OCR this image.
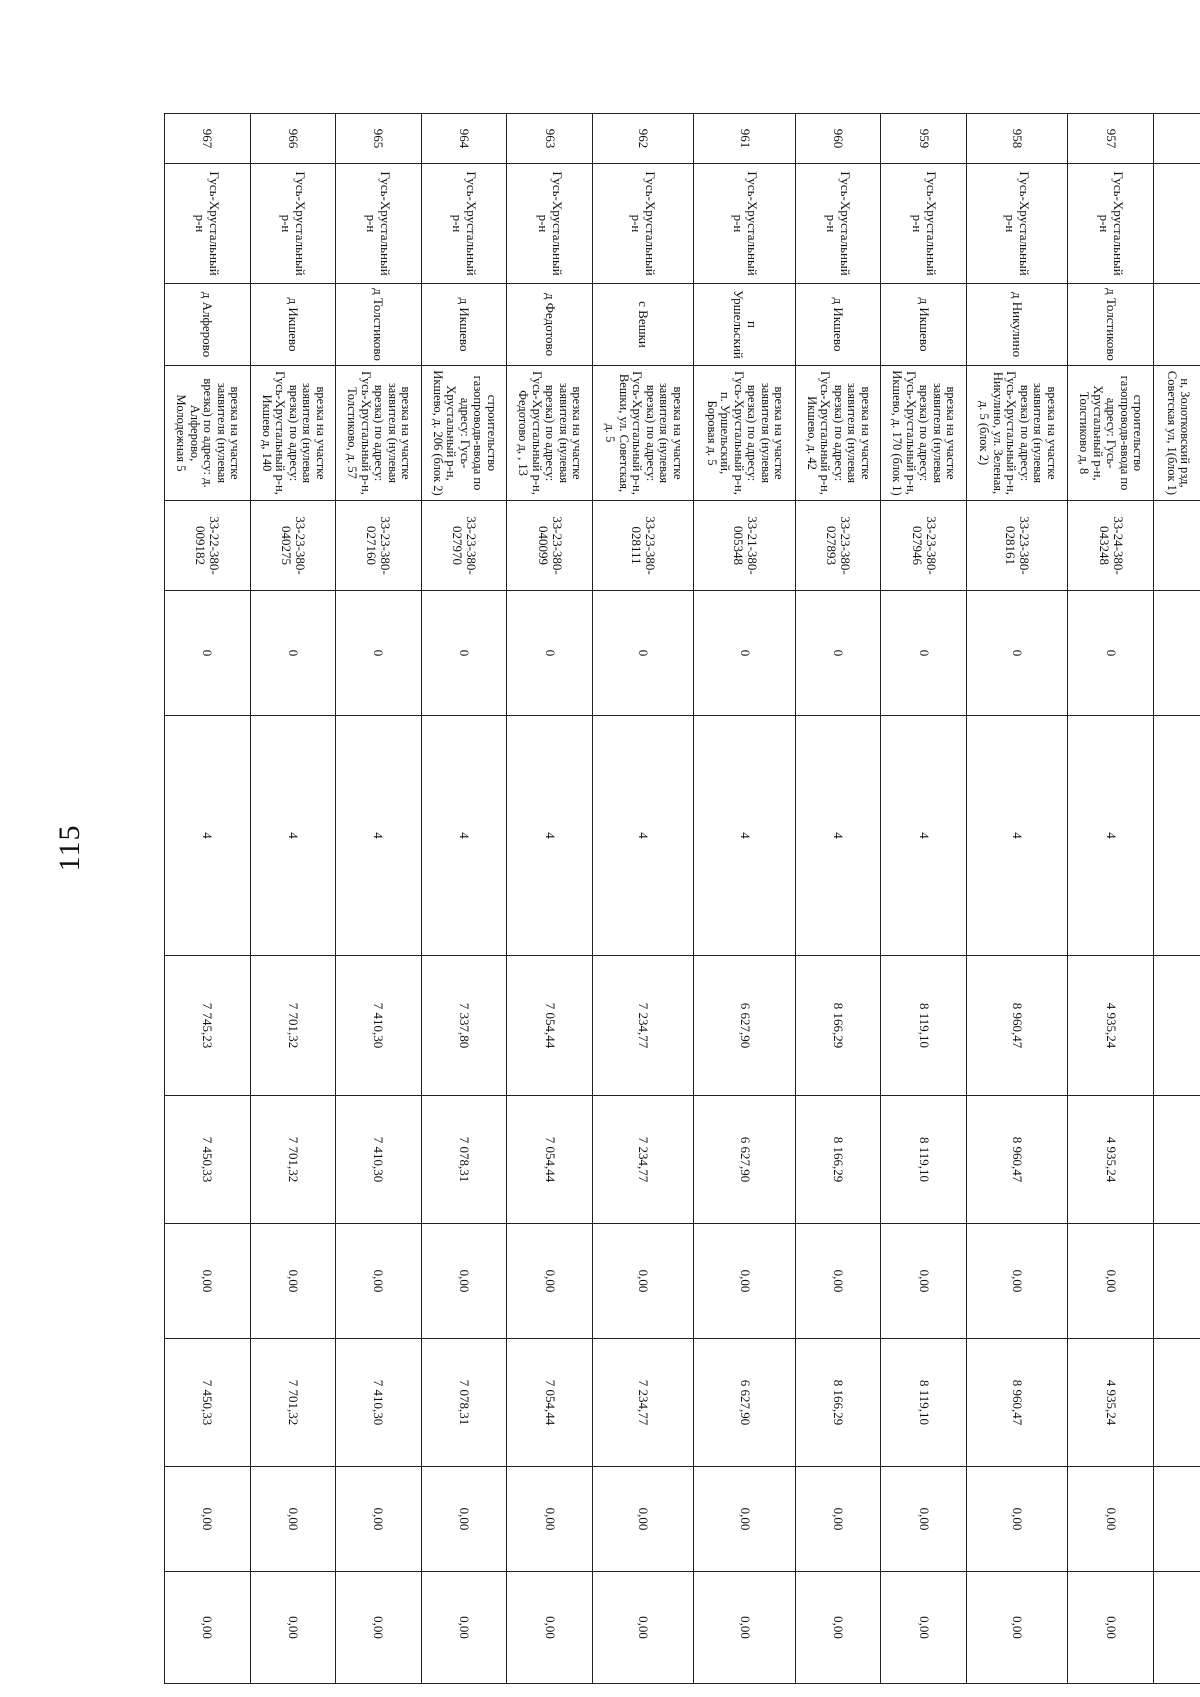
115
			н, Золотковский рзд, Советская ул, 1(блок 1)									
957	Гусь-Хрустальный р-н	д Толстиково	строительство газопроводв-ввода по адресу: Гусь-Хрустальный р-н, Толстиково д, 8	33-24-380-043248	0	4	4 935,24	4 935,24	0,00	4 935,24	0,00	0,00
958	Гусь-Хрустальный р-н	д Никулино	врезка на участке заявителя (нулевая врезка) по адресу: Гусь-Хрустальный р-н, Никулино, ул. Зеленая, д. 5 (блок 2)	33-23-380-028161	0	4	8 960,47	8 960,47	0,00	8 960,47	0,00	0,00
959	Гусь-Хрустальный р-н	д Икшево	врезка на участке заявителя (нулевая врезка) по адресу: Гусь-Хрустальный р-н, Икшево, д. 170 (блок 1)	33-23-380-027946	0	4	8 119,10	8 119,10	0,00	8 119,10	0,00	0,00
960	Гусь-Хрустальный р-н	д Икшево	врезка на участке заявителя (нулевая врезка) по адресу: Гусь-Хрустальный р-н, Икшево, д. 42	33-23-380-027893	0	4	8 166,29	8 166,29	0,00	8 166,29	0,00	0,00
961	Гусь-Хрустальный р-н	п Уршельский	врезка на участке заявителя (нулевая врезка) по адресу: Гусь-Хрустальный р-н, п. Уршельский, Боровая д. 5	33-21-380-005348	0	4	6 627,90	6 627,90	0,00	6 627,90	0,00	0,00
962	Гусь-Хрустальный р-н	с Вешки	врезка на участке заявителя (нулевая врезка) по адресу: Гусь-Хрустальный р-н, Вешки, ул. Советская, д. 5	33-23-380-028111	0	4	7 234,77	7 234,77	0,00	7 234,77	0,00	0,00
963	Гусь-Хрустальный р-н	д Федотово	врезка на участке заявителя (нулевая врезка) по адресу: Гусь-Хрустальный р-н, Федотово д, , 13	33-23-380-040099	0	4	7 054,44	7 054,44	0,00	7 054,44	0,00	0,00
964	Гусь-Хрустальный р-н	д Икшево	строительство газопроводв-ввода по адресу: Гусь-Хрустальный р-н, Икшево, д. 206 (блок 2)	33-23-380-027970	0	4	7 337,80	7 078,31	0,00	7 078,31	0,00	0,00
965	Гусь-Хрустальный р-н	д Толстиково	врезка на участке заявителя (нулевая врезка) по адресу: Гусь-Хрустальный р-н, Толстиково, д. 57	33-23-380-027160	0	4	7 410,30	7 410,30	0,00	7 410,30	0,00	0,00
966	Гусь-Хрустальный р-н	д Икшево	врезка на участке заявителя (нулевая врезка) по адресу: Гусь-Хрустальный р-н, Икшево д, 140	33-23-380-040275	0	4	7 701,32	7 701,32	0,00	7 701,32	0,00	0,00
967	Гусь-Хрустальный р-н	д Алферово	врезка на участке заявителя (нулевая врезка) по адресу: д. Алферово, Молодежная 5	33-22-380-009182	0	4	7 745,23	7 450,33	0,00	7 450,33	0,00	0,00
